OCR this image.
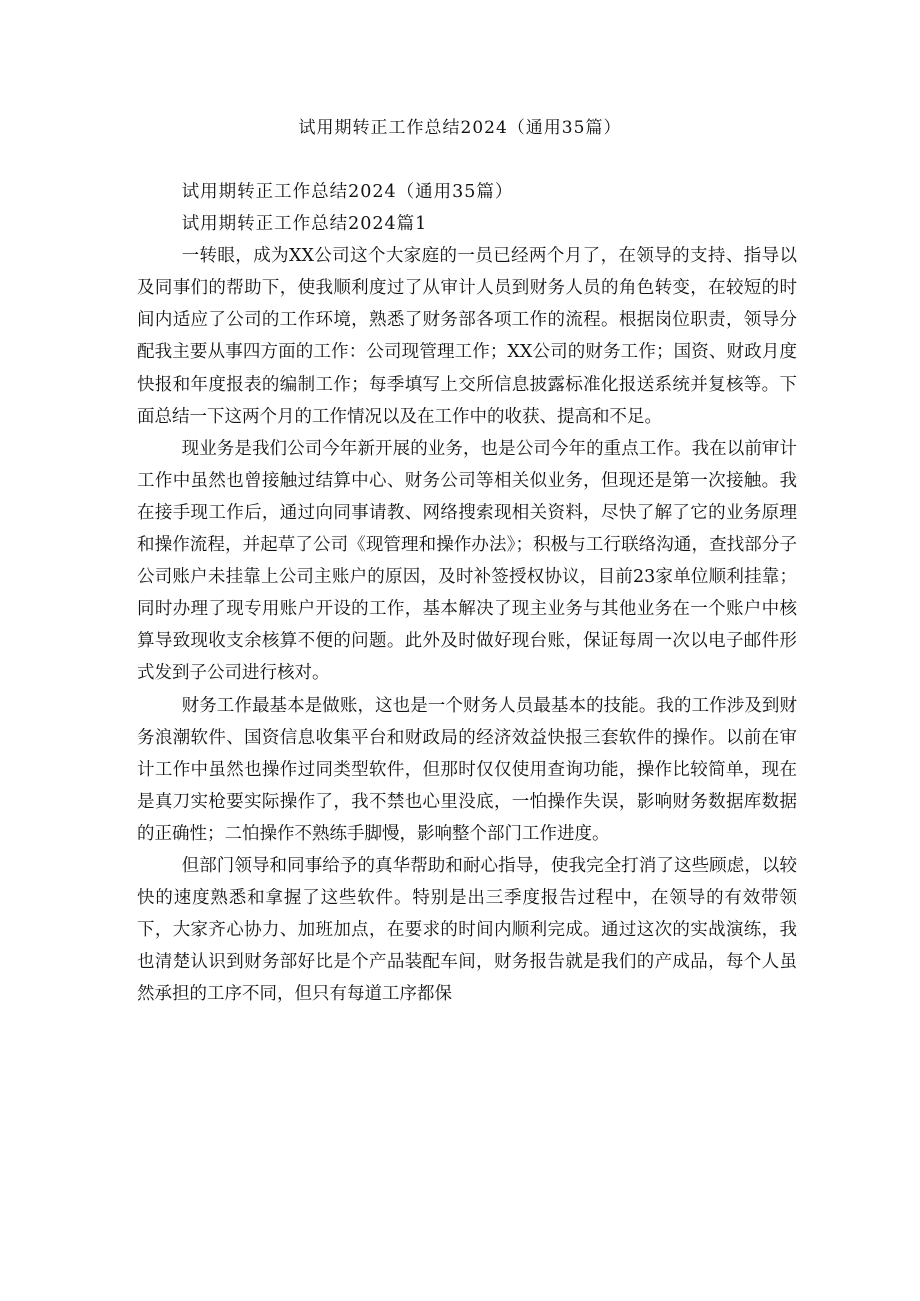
试用期转正工作总结2024（通用35篇）

试用期转正工作总结2024（通用35篇）

试用期转正工作总结2024篇1

一转眼，成为XX公司这个大家庭的一员已经两个月了，在领导的支持、指导以及同事们的帮助下，使我顺利度过了从审计人员到财务人员的角色转变，在较短的时间内适应了公司的工作环境，熟悉了财务部各项工作的流程。根据岗位职责，领导分配我主要从事四方面的工作：公司现管理工作；XX公司的财务工作；国资、财政月度快报和年度报表的编制工作；每季填写上交所信息披露标准化报送系统并复核等。下面总结一下这两个月的工作情况以及在工作中的收获、提高和不足。

现业务是我们公司今年新开展的业务，也是公司今年的重点工作。我在以前审计工作中虽然也曾接触过结算中心、财务公司等相关似业务，但现还是第一次接触。我在接手现工作后，通过向同事请教、网络搜索现相关资料，尽快了解了它的业务原理和操作流程，并起草了公司《现管理和操作办法》；积极与工行联络沟通，查找部分子公司账户未挂靠上公司主账户的原因，及时补签授权协议，目前23家单位顺利挂靠；同时办理了现专用账户开设的工作，基本解决了现主业务与其他业务在一个账户中核算导致现收支余核算不便的问题。此外及时做好现台账，保证每周一次以电子邮件形式发到子公司进行核对。

财务工作最基本是做账，这也是一个财务人员最基本的技能。我的工作涉及到财务浪潮软件、国资信息收集平台和财政局的经济效益快报三套软件的操作。以前在审计工作中虽然也操作过同类型软件，但那时仅仅使用查询功能，操作比较简单，现在是真刀实枪要实际操作了，我不禁也心里没底，一怕操作失误，影响财务数据库数据的正确性；二怕操作不熟练手脚慢，影响整个部门工作进度。

但部门领导和同事给予的真华帮助和耐心指导，使我完全打消了这些顾虑，以较快的速度熟悉和拿握了这些软件。特别是出三季度报告过程中，在领导的有效带领下，大家齐心协力、加班加点，在要求的时间内顺利完成。通过这次的实战演练，我也清楚认识到财务部好比是个产品装配车间，财务报告就是我们的产成品，每个人虽然承担的工序不同，但只有每道工序都保
